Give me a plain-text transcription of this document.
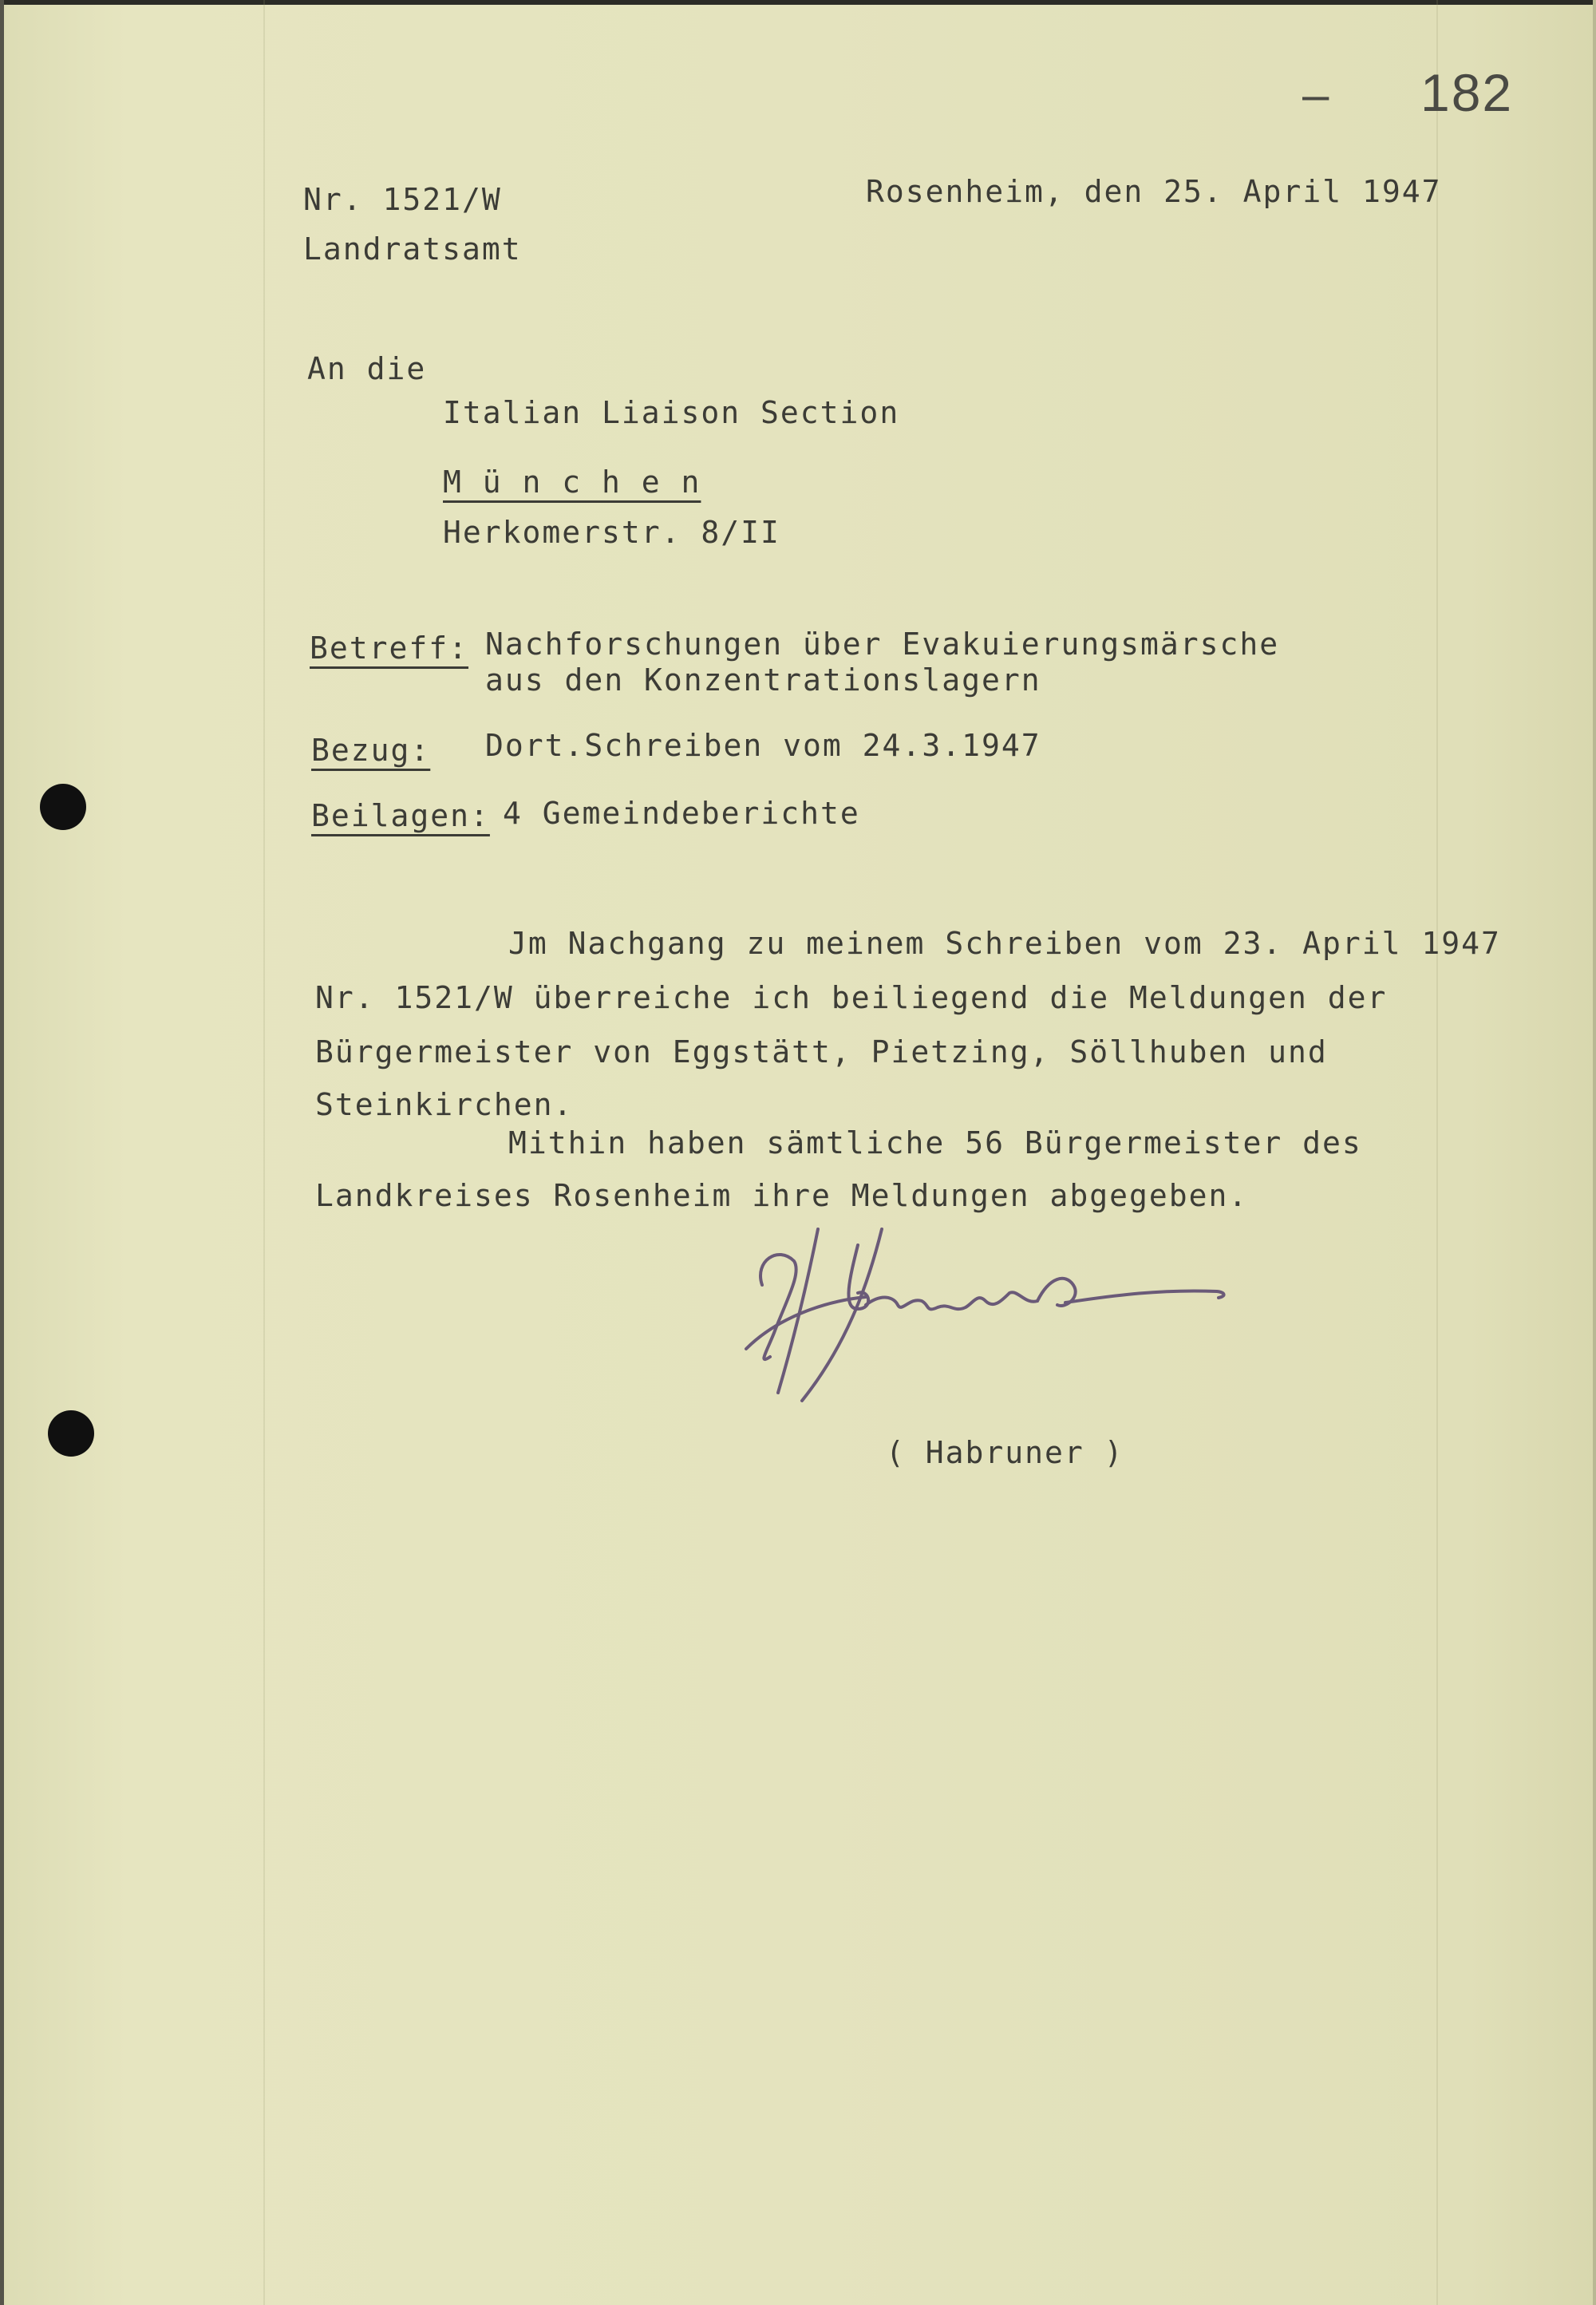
– 182
Nr. 1521/W
Landratsamt
Rosenheim, den 25. April 1947
An die
Italian Liaison Section
M ü n c h e n
Herkomerstr. 8/II
Betreff: Nachforschungen über Evakuierungsmärsche
aus den Konzentrationslagern
Bezug: Dort.Schreiben vom 24.3.1947
Beilagen: 4 Gemeindeberichte
Jm Nachgang zu meinem Schreiben vom 23. April 1947
Nr. 1521/W überreiche ich beiliegend die Meldungen der
Bürgermeister von Eggstätt, Pietzing, Söllhuben und
Steinkirchen.
Mithin haben sämtliche 56 Bürgermeister des
Landkreises Rosenheim ihre Meldungen abgegeben.
( Habruner )
